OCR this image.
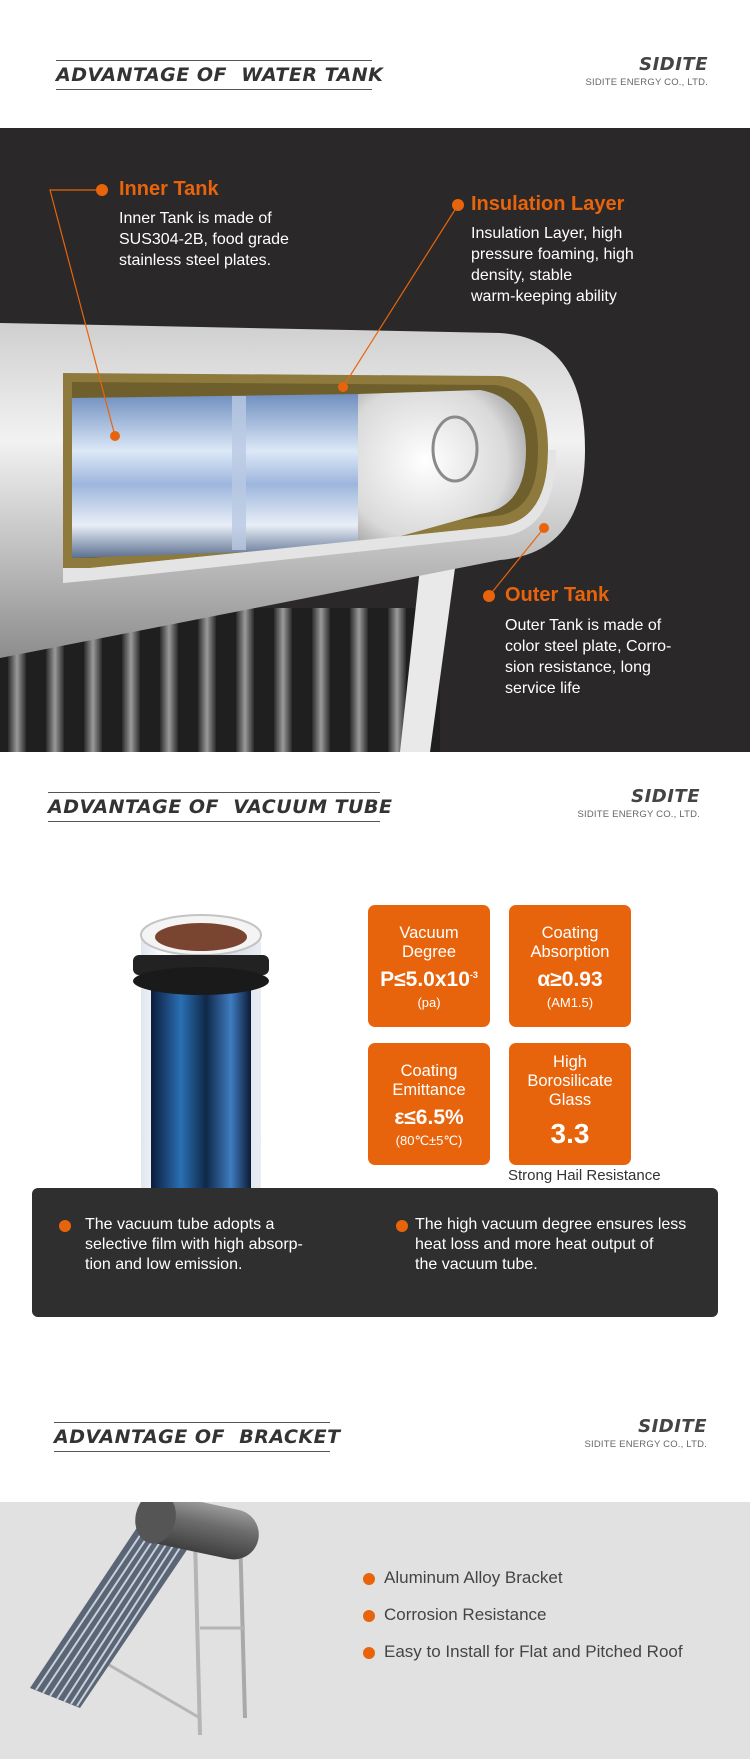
ADVANTAGE OF  WATER TANK	SIDITE
SIDITE ENERGY CO., LTD.
Inner Tank
Inner Tank is made of
SUS304-2B, food grade
stainless steel plates.
Insulation Layer
Insulation Layer, high
pressure foaming, high
density, stable
warm-keeping ability
Outer Tank
Outer Tank is made of
color steel plate, Corro-
sion resistance, long
service life
ADVANTAGE OF  VACUUM TUBE	SIDITE
SIDITE ENERGY CO., LTD.
Vacuum
Degree
$P\le 5.0x10^{-3}$
(pa)
Coating
Absorption
α≥0.93
(AM1.5)
Coating
Emittance
ε≤6.5%
(80℃±5℃)
High
Borosilicate
Glass
3.3
Strong Hail Resistance
The vacuum tube adopts a
selective film with high absorp-
tion and low emission.
The high vacuum degree ensures less
heat loss and more heat output of
the vacuum tube.
ADVANTAGE OF  BRACKET	SIDITE
SIDITE ENERGY CO., LTD.
Aluminum Alloy Bracket
Corrosion Resistance
Easy to Install for Flat and Pitched Roof
